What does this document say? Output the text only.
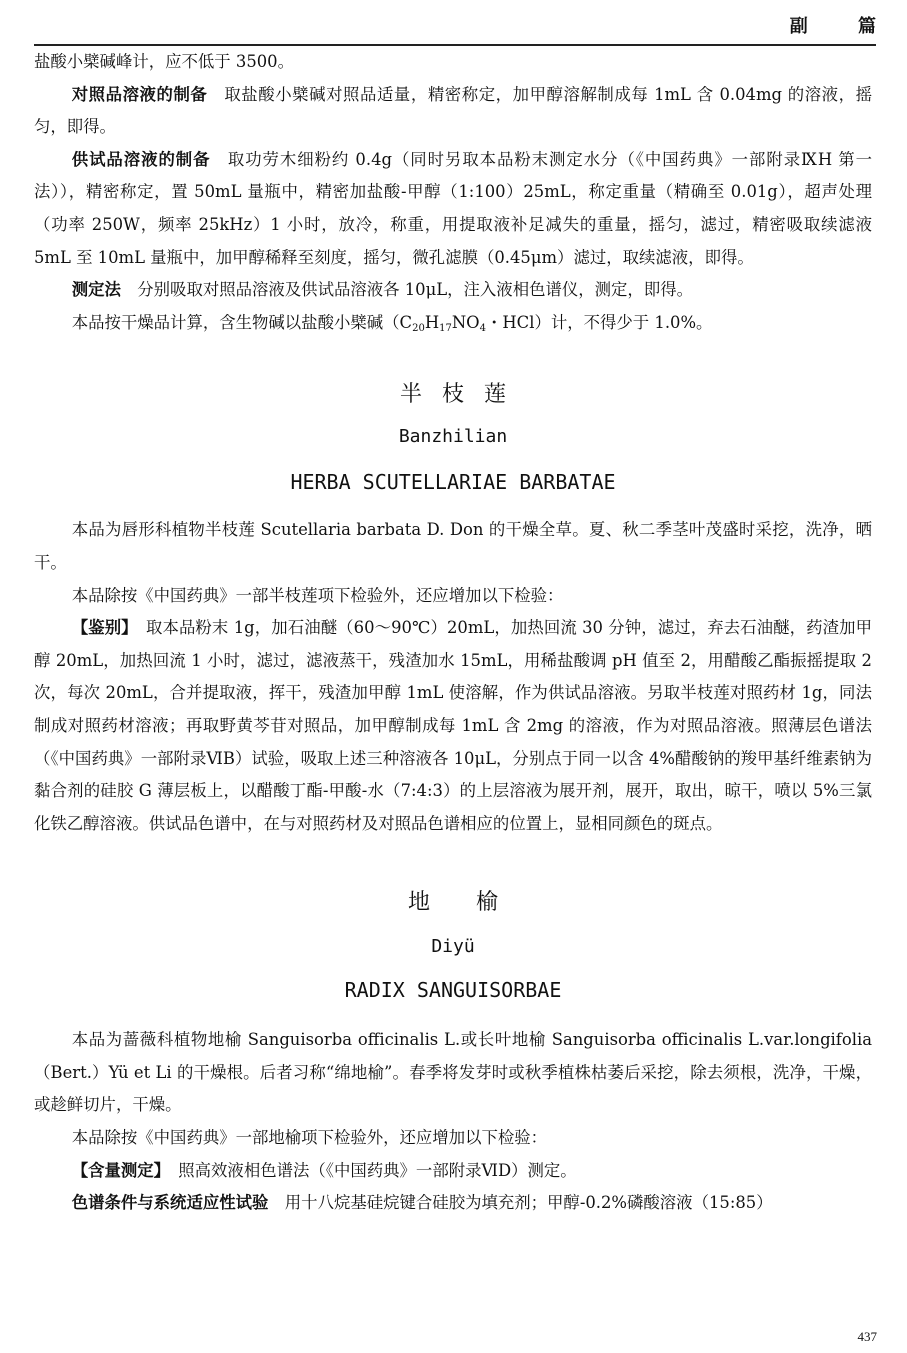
副 篇

盐酸小檗碱峰计，应不低于 3500。

对照品溶液的制备　取盐酸小檗碱对照品适量，精密称定，加甲醇溶解制成每 1mL 含 0.04mg 的溶液，摇匀，即得。

供试品溶液的制备　取功劳木细粉约 0.4g（同时另取本品粉末测定水分（《中国药典》一部附录ⅨH 第一法）），精密称定，置 50mL 量瓶中，精密加盐酸-甲醇（1:100）25mL，称定重量（精确至 0.01g），超声处理（功率 250W，频率 25kHz）1 小时，放冷，称重，用提取液补足减失的重量，摇匀，滤过，精密吸取续滤液 5mL 至 10mL 量瓶中，加甲醇稀释至刻度，摇匀，微孔滤膜（0.45μm）滤过，取续滤液，即得。

测定法　分别吸取对照品溶液及供试品溶液各 10μL，注入液相色谱仪，测定，即得。

本品按干燥品计算，含生物碱以盐酸小檗碱（$C_{20}H_{17}NO_4$・HCl）计，不得少于 1.0%。

半枝莲
Banzhilian
HERBA SCUTELLARIAE BARBATAE

本品为唇形科植物半枝莲 Scutellaria barbata D. Don 的干燥全草。夏、秋二季茎叶茂盛时采挖，洗净，晒干。

本品除按《中国药典》一部半枝莲项下检验外，还应增加以下检验：

【鉴别】　取本品粉末 1g，加石油醚（60～90℃）20mL，加热回流 30 分钟，滤过，弃去石油醚，药渣加甲醇 20mL，加热回流 1 小时，滤过，滤液蒸干，残渣加水 15mL，用稀盐酸调 pH 值至 2，用醋酸乙酯振摇提取 2 次，每次 20mL，合并提取液，挥干，残渣加甲醇 1mL 使溶解，作为供试品溶液。另取半枝莲对照药材 1g，同法制成对照药材溶液；再取野黄芩苷对照品，加甲醇制成每 1mL 含 2mg 的溶液，作为对照品溶液。照薄层色谱法（《中国药典》一部附录ⅥB）试验，吸取上述三种溶液各 10μL，分别点于同一以含 4%醋酸钠的羧甲基纤维素钠为黏合剂的硅胶 G 薄层板上，以醋酸丁酯-甲酸-水（7:4:3）的上层溶液为展开剂，展开，取出，晾干，喷以 5%三氯化铁乙醇溶液。供试品色谱中，在与对照药材及对照品色谱相应的位置上，显相同颜色的斑点。

地榆
Diyü
RADIX SANGUISORBAE

本品为蔷薇科植物地榆 Sanguisorba officinalis L.或长叶地榆 Sanguisorba officinalis L.var.longifolia（Bert.）Yü et Li 的干燥根。后者习称“绵地榆”。春季将发芽时或秋季植株枯萎后采挖，除去须根，洗净，干燥，或趁鲜切片，干燥。

本品除按《中国药典》一部地榆项下检验外，还应增加以下检验：

【含量测定】　照高效液相色谱法（《中国药典》一部附录ⅥD）测定。

色谱条件与系统适应性试验　用十八烷基硅烷键合硅胶为填充剂；甲醇-0.2%磷酸溶液（15:85）

437
